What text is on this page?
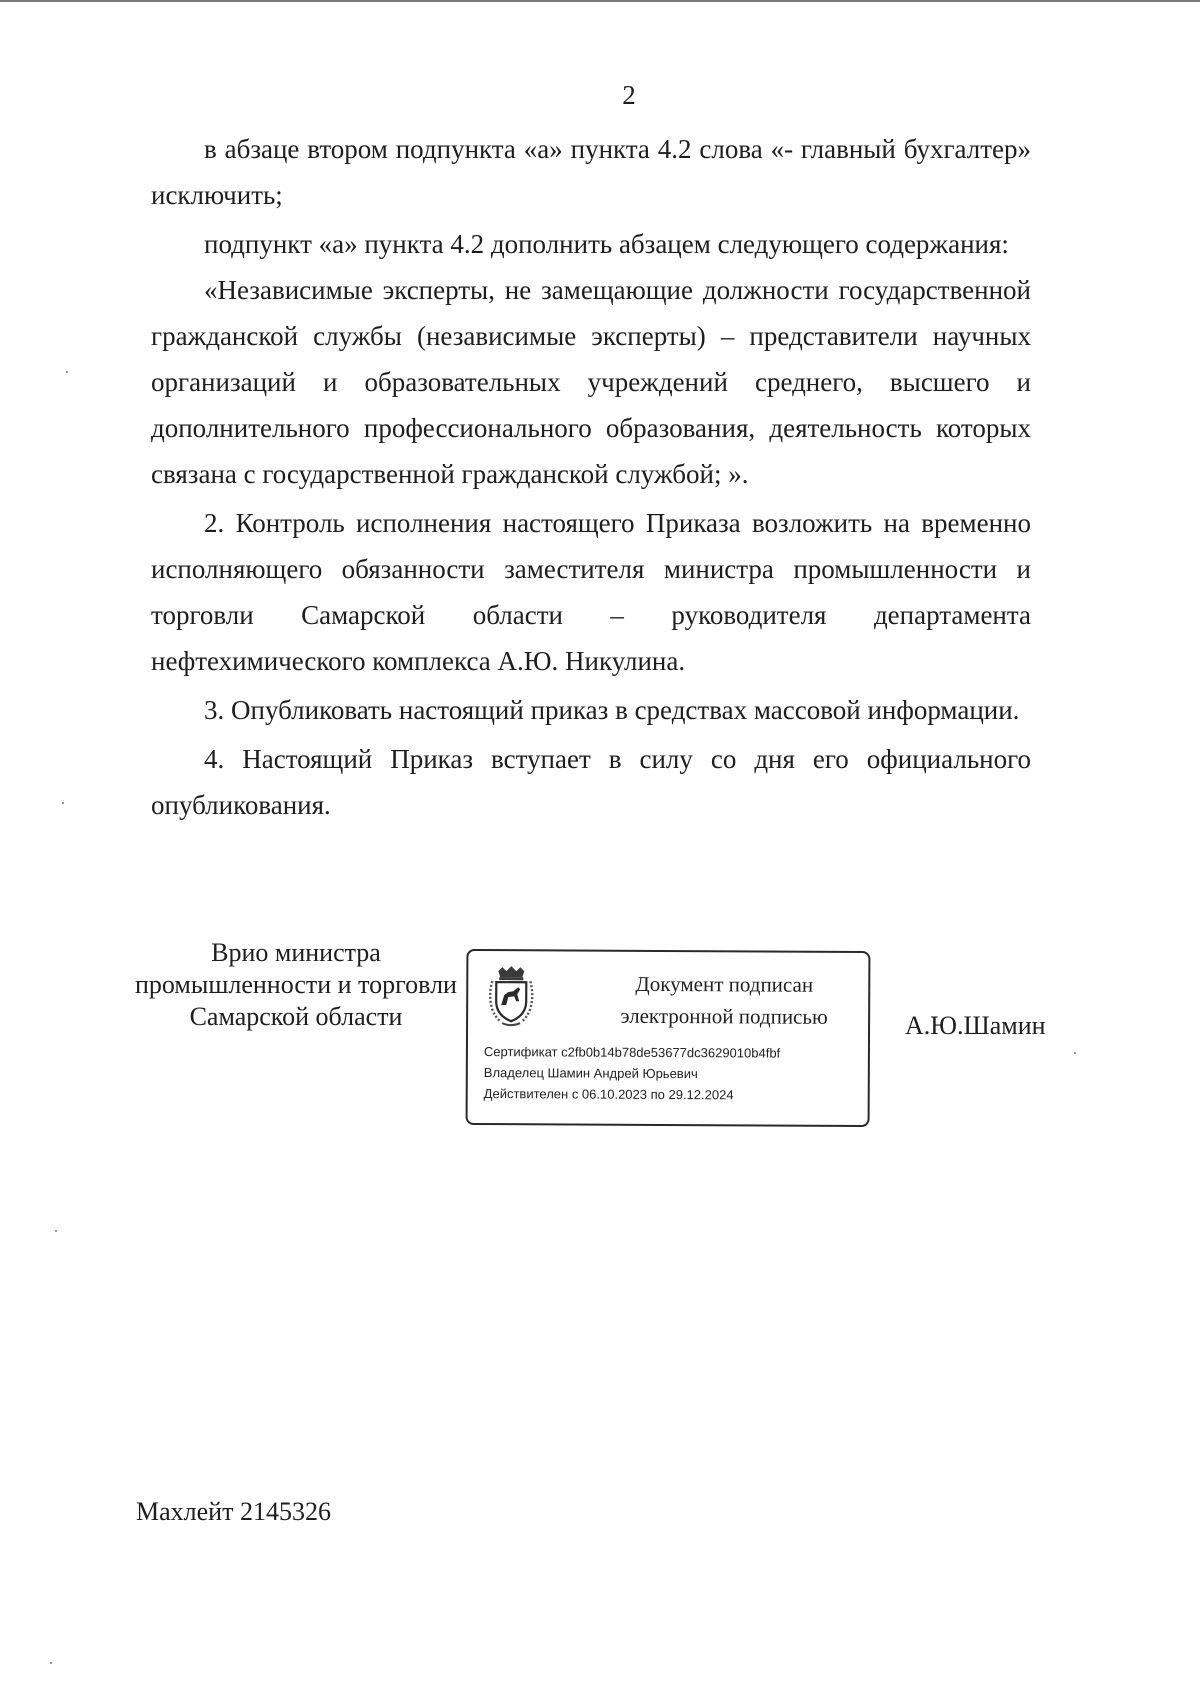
2

в абзаце втором подпункта «а» пункта 4.2 слова «- главный бухгалтер» исключить;

подпункт «а» пункта 4.2 дополнить абзацем следующего содержания:

«Независимые эксперты, не замещающие должности государственной гражданской службы (независимые эксперты) – представители научных организаций и образовательных учреждений среднего, высшего и дополнительного профессионального образования, деятельность которых связана с государственной гражданской службой; ».

2. Контроль исполнения настоящего Приказа возложить на временно исполняющего обязанности заместителя министра промышленности и торговли Самарской области – руководителя департамента нефтехимического комплекса А.Ю. Никулина.

3. Опубликовать настоящий приказ в средствах массовой информации.

4. Настоящий Приказ вступает в силу со дня его официального опубликования.

Врио министра
промышленности и торговли
Самарской области
Документ подписан
электронной подписью
Сертификат c2fb0b14b78de53677dc3629010b4fbf
Владелец Шамин Андрей Юрьевич
Действителен с 06.10.2023 по 29.12.2024
А.Ю.Шамин
Махлейт 2145326
